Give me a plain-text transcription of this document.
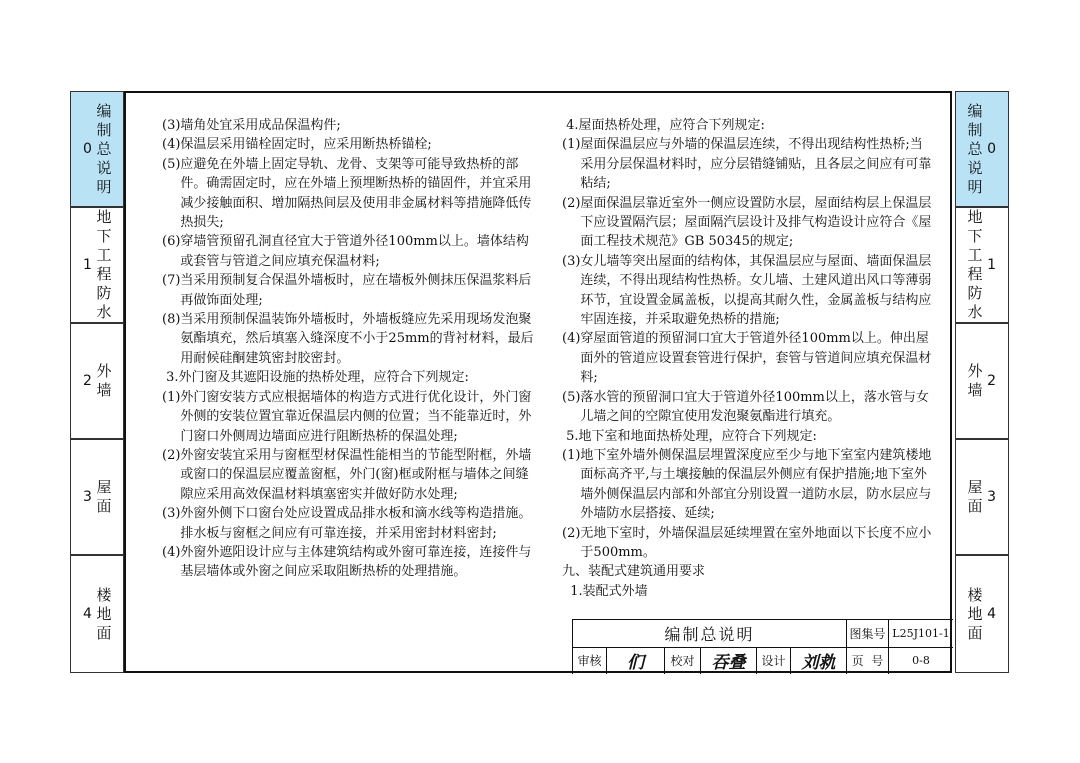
0
编
制
总
说
明
1
地
下
工
程
防
水
2
外
墙
3
屋
面
4
楼
地
面
0
编
制
总
说
明
1
地
下
工
程
防
水
2
外
墙
3
屋
面
4
楼
地
面
(3) 墙角处宜采用成品保温构件;
(4) 保温层采用锚栓固定时，应采用断热桥锚栓;
(5) 应避免在外墙上固定导轨、龙骨、支架等可能导致热桥的部件。确需固定时，应在外墙上预埋断热桥的锚固件，并宜采用减少接触面积、增加隔热间层及使用非金属材料等措施降低传热损失;
(6) 穿墙管预留孔洞直径宜大于管道外径100mm以上。墙体结构或套管与管道之间应填充保温材料;
(7) 当采用预制复合保温外墙板时，应在墙板外侧抹压保温浆料后再做饰面处理;
(8) 当采用预制保温装饰外墙板时，外墙板缝应先采用现场发泡聚氨酯填充，然后填塞入缝深度不小于25mm的背衬材料，最后用耐候硅酮建筑密封胶密封。
3.外门窗及其遮阳设施的热桥处理，应符合下列规定:
(1) 外门窗安装方式应根据墙体的构造方式进行优化设计，外门窗外侧的安装位置宜靠近保温层内侧的位置；当不能靠近时，外门窗口外侧周边墙面应进行阻断热桥的保温处理;
(2) 外窗安装宜采用与窗框型材保温性能相当的节能型附框，外墙或窗口的保温层应覆盖窗框，外门(窗)框或附框与墙体之间缝隙应采用高效保温材料填塞密实并做好防水处理;
(3) 外窗外侧下口窗台处应设置成品排水板和滴水线等构造措施。排水板与窗框之间应有可靠连接，并采用密封材料密封;
(4) 外窗外遮阳设计应与主体建筑结构或外窗可靠连接，连接件与基层墙体或外窗之间应采取阻断热桥的处理措施。
4.屋面热桥处理，应符合下列规定:
(1) 屋面保温层应与外墙的保温层连续，不得出现结构性热桥;当采用分层保温材料时，应分层错缝铺贴，且各层之间应有可靠粘结;
(2) 屋面保温层靠近室外一侧应设置防水层，屋面结构层上保温层下应设置隔汽层；屋面隔汽层设计及排气构造设计应符合《屋面工程技术规范》GB 50345的规定;
(3) 女儿墙等突出屋面的结构体，其保温层应与屋面、墙面保温层连续，不得出现结构性热桥。女儿墙、土建风道出风口等薄弱环节，宜设置金属盖板，以提高其耐久性，金属盖板与结构应牢固连接，并采取避免热桥的措施;
(4) 穿屋面管道的预留洞口宜大于管道外径100mm以上。伸出屋面外的管道应设置套管进行保护，套管与管道间应填充保温材料;
(5) 落水管的预留洞口宜大于管道外径100mm以上，落水管与女儿墙之间的空隙宜使用发泡聚氨酯进行填充。
5.地下室和地面热桥处理，应符合下列规定:
(1) 地下室外墙外侧保温层埋置深度应至少与地下室室内建筑楼地面标高齐平,与土壤接触的保温层外侧应有保护措施;地下室外墙外侧保温层内部和外部宜分别设置一道防水层，防水层应与外墙防水层搭接、延续;
(2) 无地下室时，外墙保温层延续埋置在室外地面以下长度不应小于500mm。
九、装配式建筑通用要求
1.装配式外墙
编制总说明	图集号 L25J101-1
审核	们	校对	吞叠	设计 刘㐜	页  号	0-8
